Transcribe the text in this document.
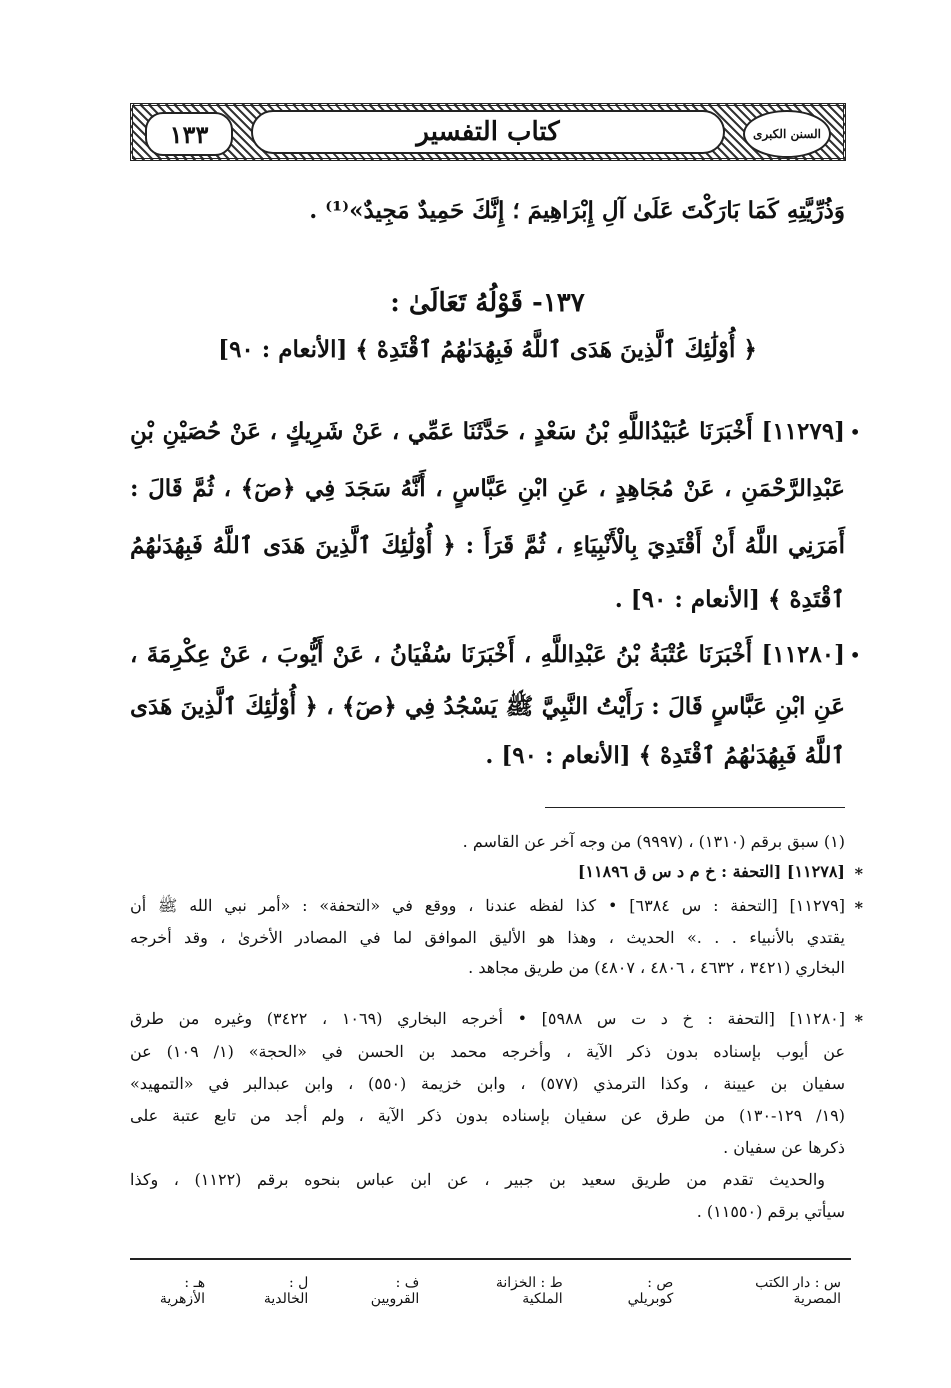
١٣٣	كتاب التفسير	السنن الكبرى
وَذُرِّيَّتِهِ كَمَا بَارَكْتَ عَلَىٰ آلِ إِبْرَاهِيمَ ؛ إِنَّكَ حَمِيدٌ مَجِيدٌ»⁽¹⁾ .
١٣٧- قَوْلُهُ تَعَالَىٰ :
﴿ أُوْلَٰئِكَ ٱلَّذِينَ هَدَى ٱللَّهُ فَبِهُدَىٰهُمُ ٱقْتَدِهْ ﴾ [الأنعام : ٩٠]
•
[١١٢٧٩] أَخْبَرَنَا عُبَيْدُاللَّهِ بْنُ سَعْدٍ ، حَدَّثَنَا عَمِّي ، عَنْ شَرِيكٍ ، عَنْ حُصَيْنِ بْنِ
عَبْدِالرَّحْمَنِ ، عَنْ مُجَاهِدٍ ، عَنِ ابْنِ عَبَّاسٍ ، أَنَّهُ سَجَدَ فِي ﴿صٓ﴾ ، ثُمَّ قَالَ :
أَمَرَنِي اللَّهُ أَنْ أَقْتَدِيَ بِالْأَنْبِيَاءِ ، ثُمَّ قَرَأَ : ﴿ أُوْلَٰئِكَ ٱلَّذِينَ هَدَى ٱللَّهُ فَبِهُدَىٰهُمُ
ٱقْتَدِهْ ﴾ [الأنعام : ٩٠] .
•
[١١٢٨٠] أَخْبَرَنَا عُتْبَةُ بْنُ عَبْدِاللَّهِ ، أَخْبَرَنَا سُفْيَانُ ، عَنْ أَيُّوبَ ، عَنْ عِكْرِمَةَ ،
عَنِ ابْنِ عَبَّاسٍ قَالَ : رَأَيْتُ النَّبِيَّ ﷺ يَسْجُدُ فِي ﴿صٓ﴾ ، ﴿ أُوْلَٰئِكَ ٱلَّذِينَ هَدَى
ٱللَّهُ فَبِهُدَىٰهُمُ ٱقْتَدِهْ ﴾ [الأنعام : ٩٠] .
(١) سبق برقم (١٣١٠) ، (٩٩٩٧) من وجه آخر عن القاسم .
*
[١١٢٧٨] [التحفة : خ م د س ق ١١٨٩٦]
*
[١١٢٧٩] [التحفة : س ٦٣٨٤] • كذا لفظه عندنا ، ووقع في «التحفة» : «أمر نبي الله ﷺ أن
يقتدي بالأنبياء . . .» الحديث ، وهذا هو الأليق الموافق لما في المصادر الأخرىٰ ، وقد أخرجه
البخاري (٣٤٢١ ، ٤٦٣٢ ، ٤٨٠٦ ، ٤٨٠٧) من طريق مجاهد .
*
[١١٢٨٠] [التحفة : خ د ت س ٥٩٨٨] • أخرجه البخاري (١٠٦٩ ، ٣٤٢٢) وغيره من طرق
عن أيوب بإسناده بدون ذكر الآية ، وأخرجه محمد بن الحسن في «الحجة» (١/ ١٠٩) عن
سفيان بن عيينة ، وكذا الترمذي (٥٧٧) ، وابن خزيمة (٥٥٠) ، وابن عبدالبر في «التمهيد»
(١٩/ ١٢٩-١٣٠) من طرق عن سفيان بإسناده بدون ذكر الآية ، ولم أجد من تابع عتبة على
ذكرها عن سفيان .
والحديث تقدم من طريق سعيد بن جبير ، عن ابن عباس بنحوه برقم (١١٢٢) ، وكذا
سيأتي برقم (١١٥٥٠) .
س : دار الكتب المصرية
ص : كوبريلي
ط : الخزانة الملكية
ف : القرويين
ل : الخالدية
هـ : الأزهرية
